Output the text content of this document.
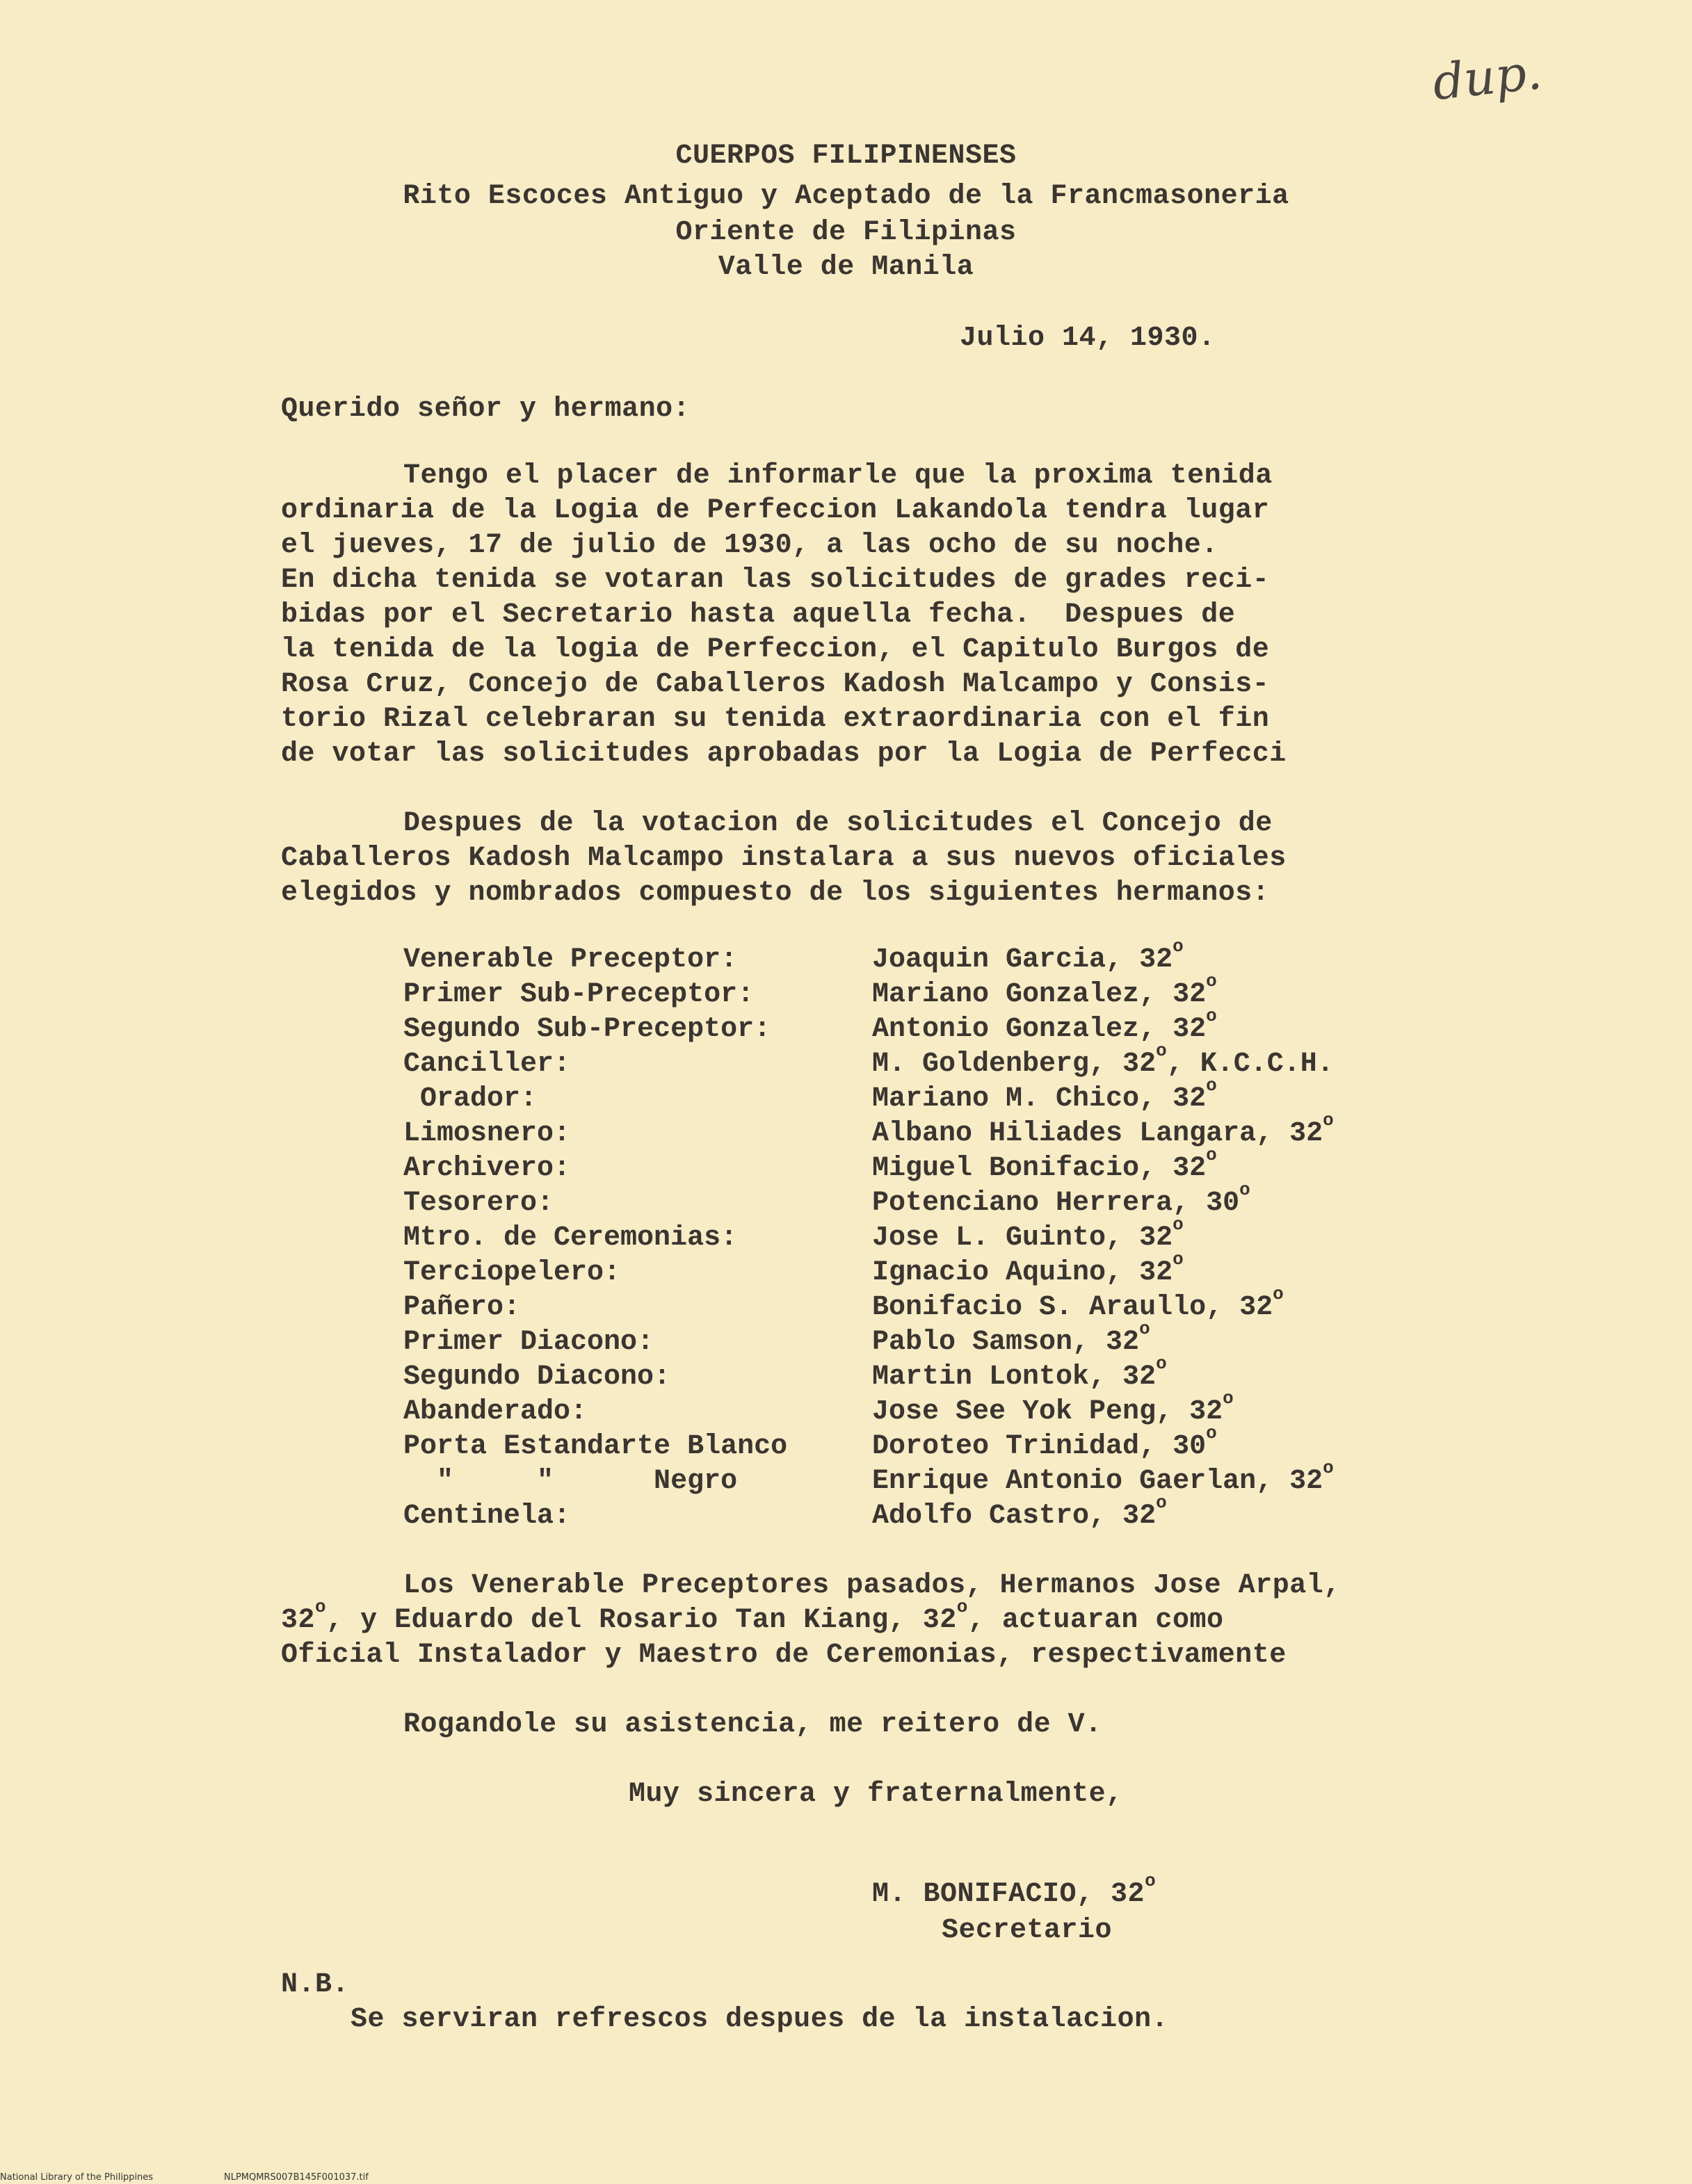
dup.
CUERPOS FILIPINENSES
Rito Escoces Antiguo y Aceptado de la Francmasoneria
Oriente de Filipinas
Valle de Manila
Julio 14, 1930.
Querido señor y hermano:
Tengo el placer de informarle que la proxima tenida
ordinaria de la Logia de Perfeccion Lakandola tendra lugar
el jueves, 17 de julio de 1930, a las ocho de su noche.
En dicha tenida se votaran las solicitudes de grades reci-
bidas por el Secretario hasta aquella fecha.  Despues de
la tenida de la logia de Perfeccion, el Capitulo Burgos de
Rosa Cruz, Concejo de Caballeros Kadosh Malcampo y Consis-
torio Rizal celebraran su tenida extraordinaria con el fin
de votar las solicitudes aprobadas por la Logia de Perfecci
Despues de la votacion de solicitudes el Concejo de
Caballeros Kadosh Malcampo instalara a sus nuevos oficiales
elegidos y nombrados compuesto de los siguientes hermanos:
Venerable Preceptor:	Joaquin Garcia, 32$^o$
Primer Sub-Preceptor:	Mariano Gonzalez, 32$^o$
Segundo Sub-Preceptor:	Antonio Gonzalez, 32$^o$
Canciller:	M. Goldenberg, 32$^o$, K.C.C.H.
Orador:	Mariano M. Chico, 32$^o$
Limosnero:	Albano Hiliades Langara, 32$^o$
Archivero:	Miguel Bonifacio, 32$^o$
Tesorero:	Potenciano Herrera, 30$^o$
Mtro. de Ceremonias:	Jose L. Guinto, 32$^o$
Terciopelero:	Ignacio Aquino, 32$^o$
Pañero:	Bonifacio S. Araullo, 32$^o$
Primer Diacono:	Pablo Samson, 32$^o$
Segundo Diacono:	Martin Lontok, 32$^o$
Abanderado:	Jose See Yok Peng, 32$^o$
Porta Estandarte Blanco	Doroteo Trinidad, 30$^o$
"     "      Negro	Enrique Antonio Gaerlan, 32$^o$
Centinela:	Adolfo Castro, 32$^o$
Los Venerable Preceptores pasados, Hermanos Jose Arpal,
32$^o$, y Eduardo del Rosario Tan Kiang, 32$^o$, actuaran como
Oficial Instalador y Maestro de Ceremonias, respectivamente
Rogandole su asistencia, me reitero de V.
Muy sincera y fraternalmente,
M. BONIFACIO, 32$^o$
Secretario
N.B.
Se serviran refrescos despues de la instalacion.
National Library of the Philippines	NLPMQMRS007B145F001037.tif
